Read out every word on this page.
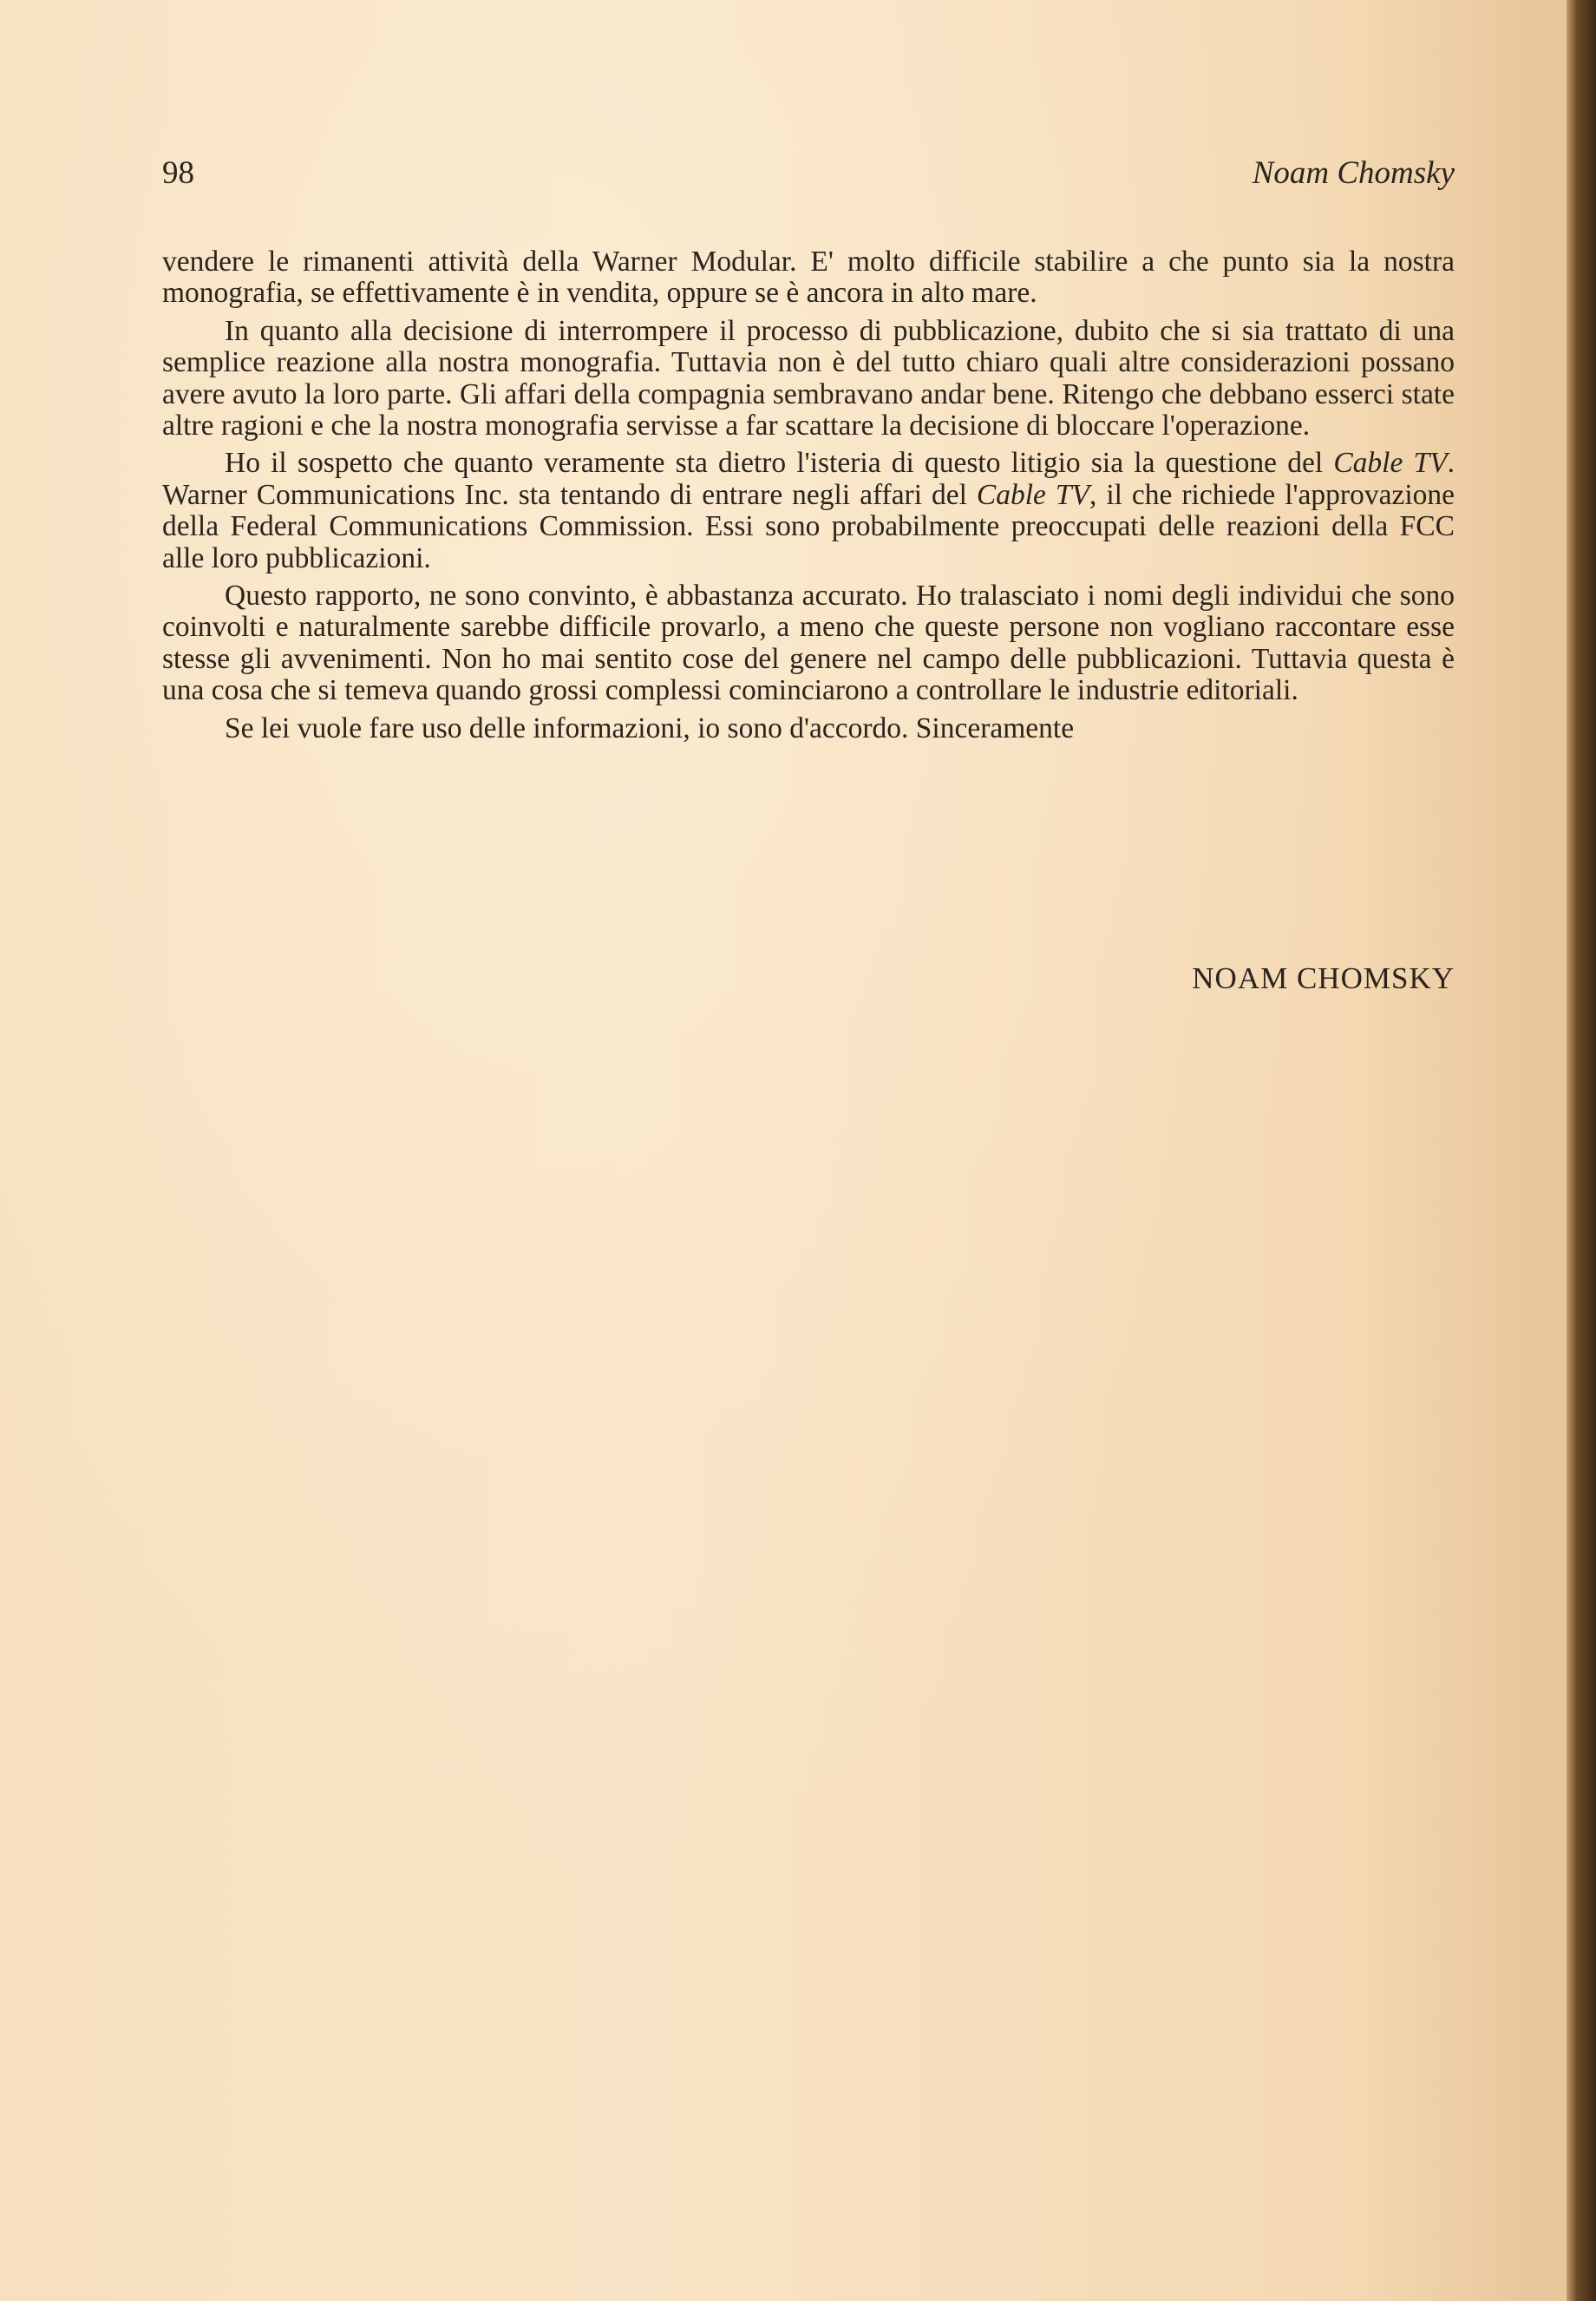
98	Noam Chomsky

vendere le rimanenti attività della Warner Modular. E' molto difficile stabilire a che punto sia la nostra monografia, se effettivamente è in vendita, oppure se è ancora in alto mare.

In quanto alla decisione di interrompere il processo di pubblicazione, dubito che si sia trattato di una semplice reazione alla nostra monografia. Tuttavia non è del tutto chiaro quali altre considerazioni possano avere avuto la loro parte. Gli affari della compagnia sembravano andar bene. Ritengo che debbano esserci state altre ragioni e che la nostra monografia servisse a far scattare la decisione di bloccare l'operazione.

Ho il sospetto che quanto veramente sta dietro l'isteria di questo litigio sia la questione del Cable TV. Warner Communications Inc. sta tentando di entrare negli affari del Cable TV, il che richiede l'approvazione della Federal Communications Commission. Essi sono probabilmente preoccupati delle reazioni della FCC alle loro pubblicazioni.

Questo rapporto, ne sono convinto, è abbastanza accurato. Ho tralasciato i nomi degli individui che sono coinvolti e naturalmente sarebbe difficile provarlo, a meno che queste persone non vogliano raccontare esse stesse gli avvenimenti. Non ho mai sentito cose del genere nel campo delle pubblicazioni. Tuttavia questa è una cosa che si temeva quando grossi complessi cominciarono a controllare le industrie editoriali.

Se lei vuole fare uso delle informazioni, io sono d'accordo. Sinceramente

NOAM CHOMSKY
